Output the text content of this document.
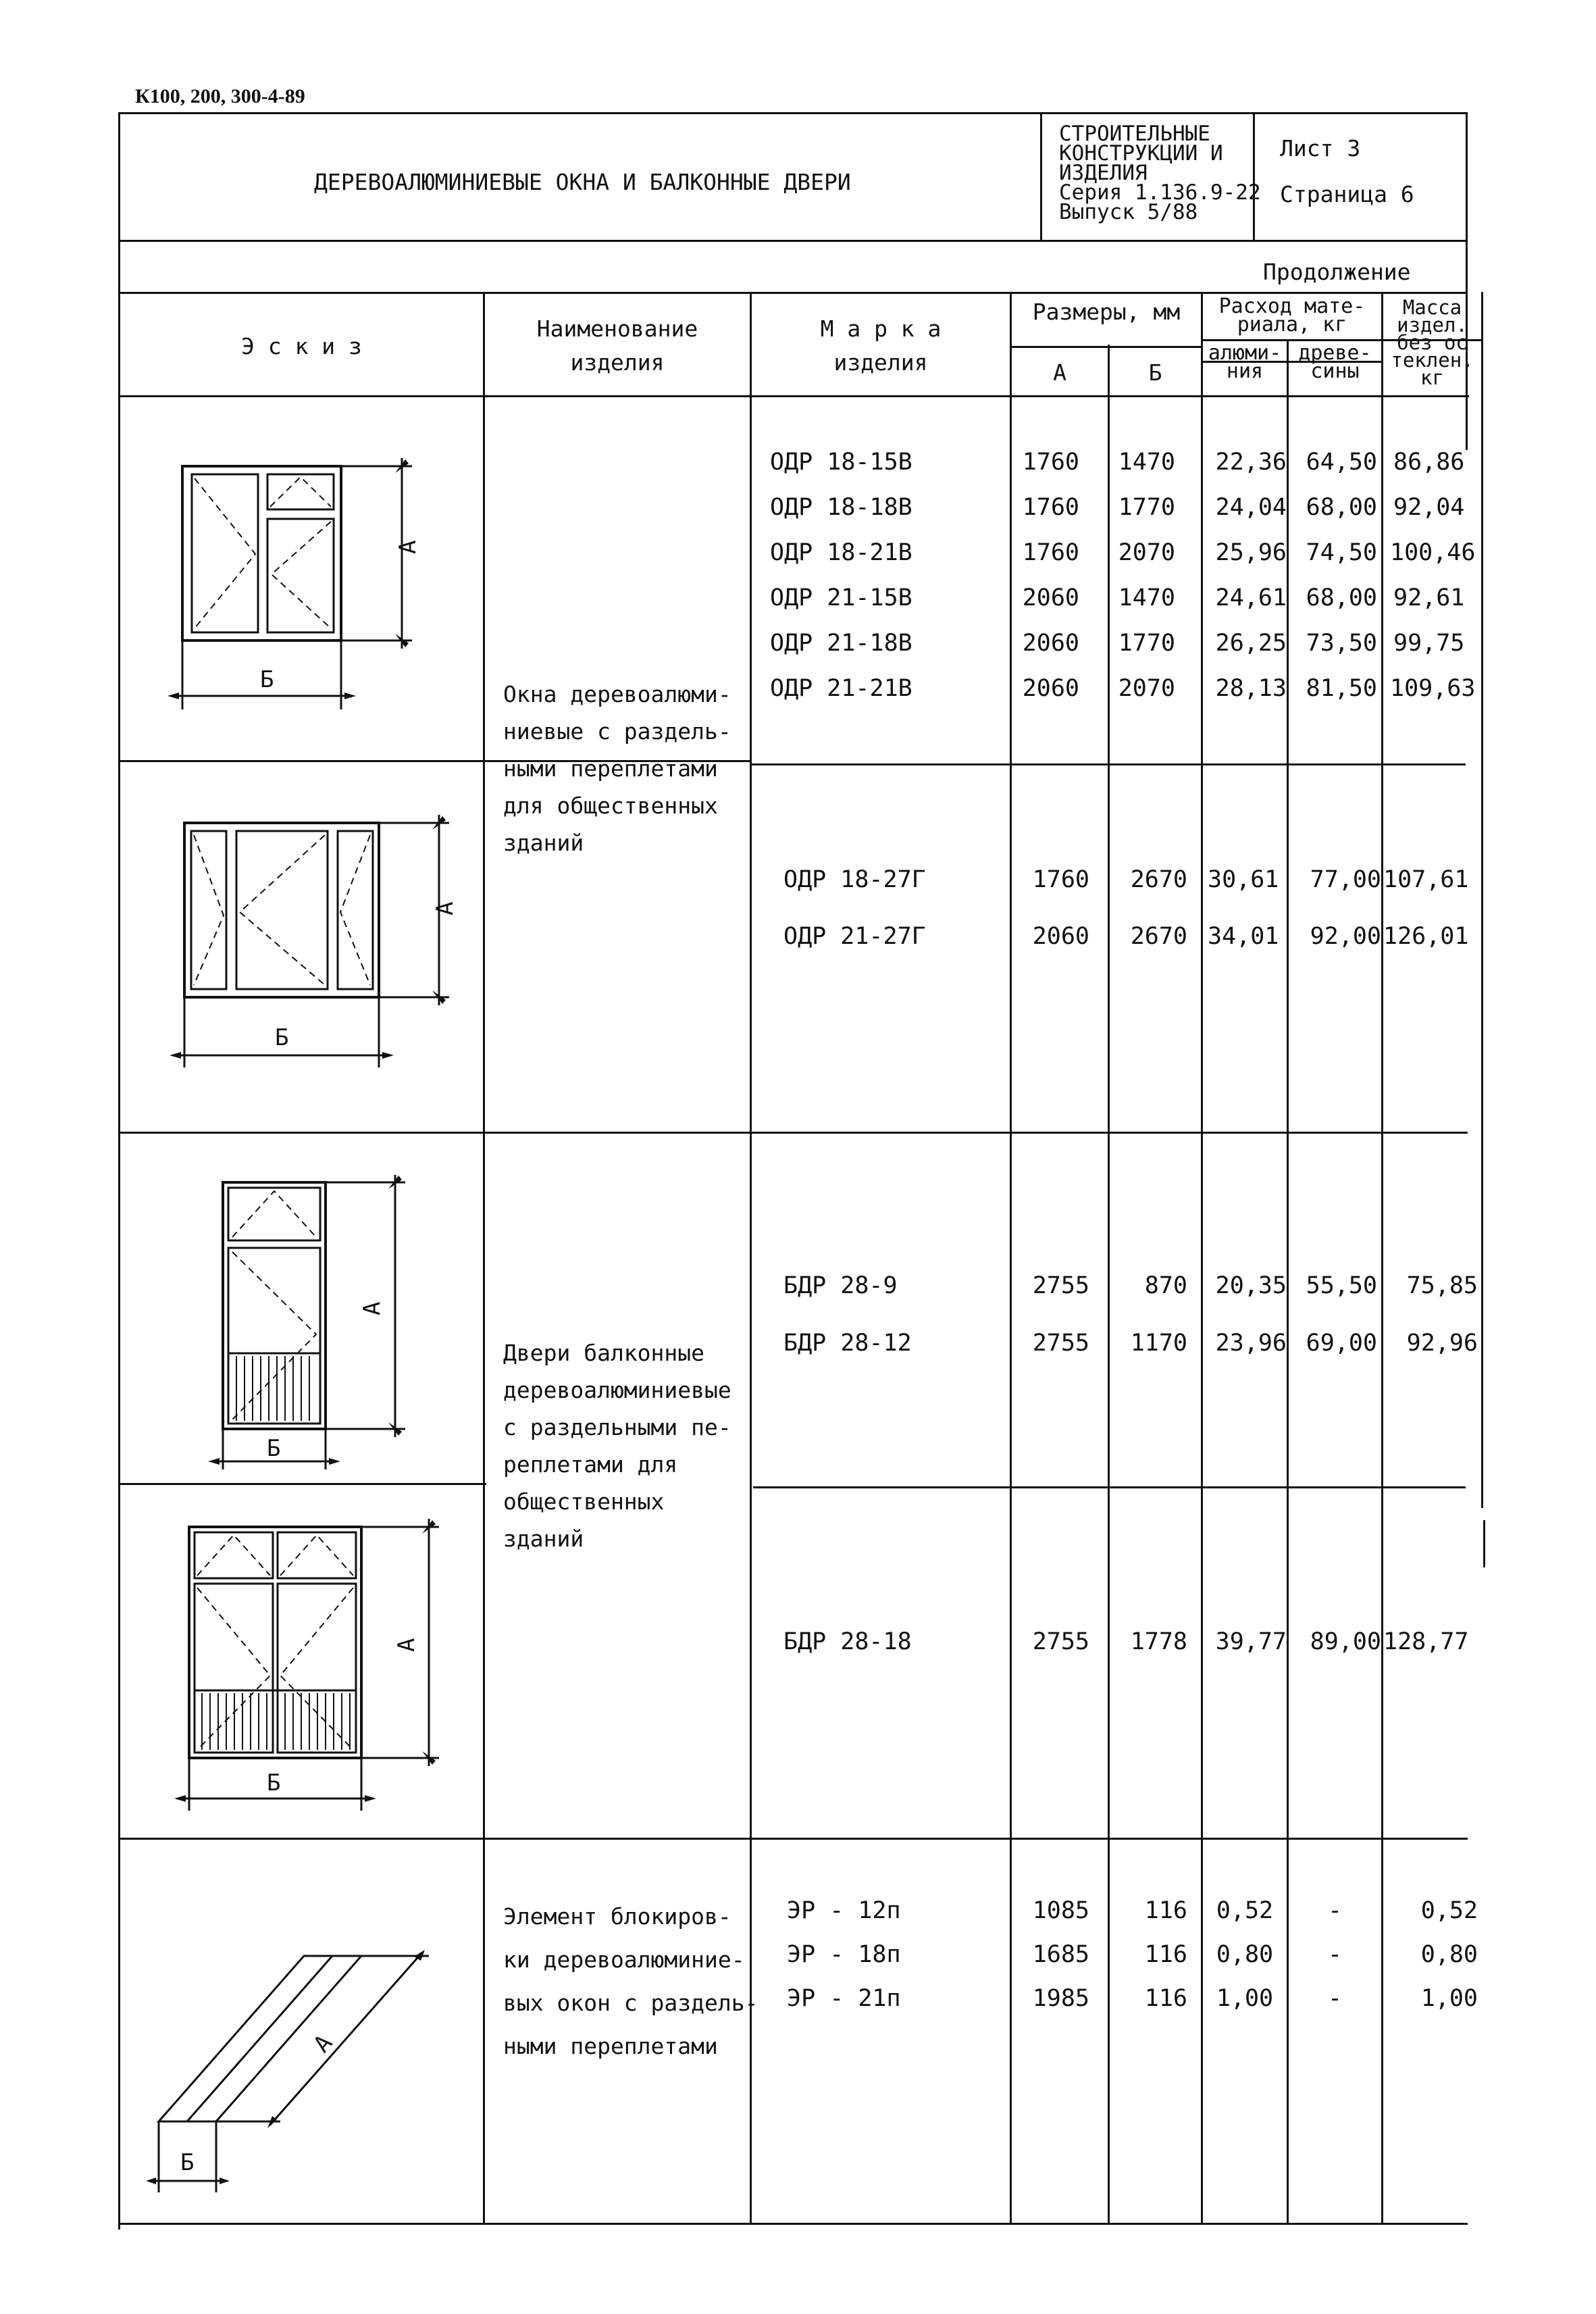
К100, 200, 300-4-89
ДЕРЕВОАЛЮМИНИЕВЫЕ ОКНА И БАЛКОННЫЕ ДВЕРИ
СТРОИТЕЛЬНЫЕ
КОНСТРУКЦИИ И
ИЗДЕЛИЯ
Серия 1.136.9-22
Выпуск 5/88
Лист 3
Страница 6
Продолжение
Э с к и з
Наименование
изделия
М а р к а
изделия
Размеры, мм
А	Б
Расход мате-
риала, кг
алюми-
ния
древе-
сины
Масса
издел.
без ос
теклен.
кг
Окна деревоалюми-
ниевые с раздель-
ными переплетами
для общественных
зданий
Двери балконные
деревоалюминиевые
с раздельными пе-
реплетами для
общественных
зданий
Элемент блокиров-
ки деревоалюминие-
вых окон с раздель-
ными переплетами
ОДР 18-15В	1760	1470	22,36 64,50 86,86
ОДР 18-18В	1760	1770	24,04 68,00 92,04
ОДР 18-21В	1760	2070	25,96 74,50 100,46
ОДР 21-15В	2060	1470	24,61 68,00 92,61
ОДР 21-18В	2060	1770	26,25 73,50 99,75
ОДР 21-21В	2060	2070	28,13 81,50 109,63
ОДР 18-27Г	1760	2670 30,61	77,00 107,61
ОДР 21-27Г	2060	2670 34,01	92,00 126,01
БДР 28-9	2755	870	20,35 55,50	75,85
БДР 28-12	2755	1170	23,96 69,00	92,96
БДР 28-18	2755	1778	39,77 89,00 128,77
ЭР - 12п	1085	116	0,52	-	0,52
ЭР - 18п	1685	116	0,80	-	0,80
ЭР - 21п	1985	116	1,00	-	1,00
А
Б
А
Б
А
Б
А
Б
А
Б
